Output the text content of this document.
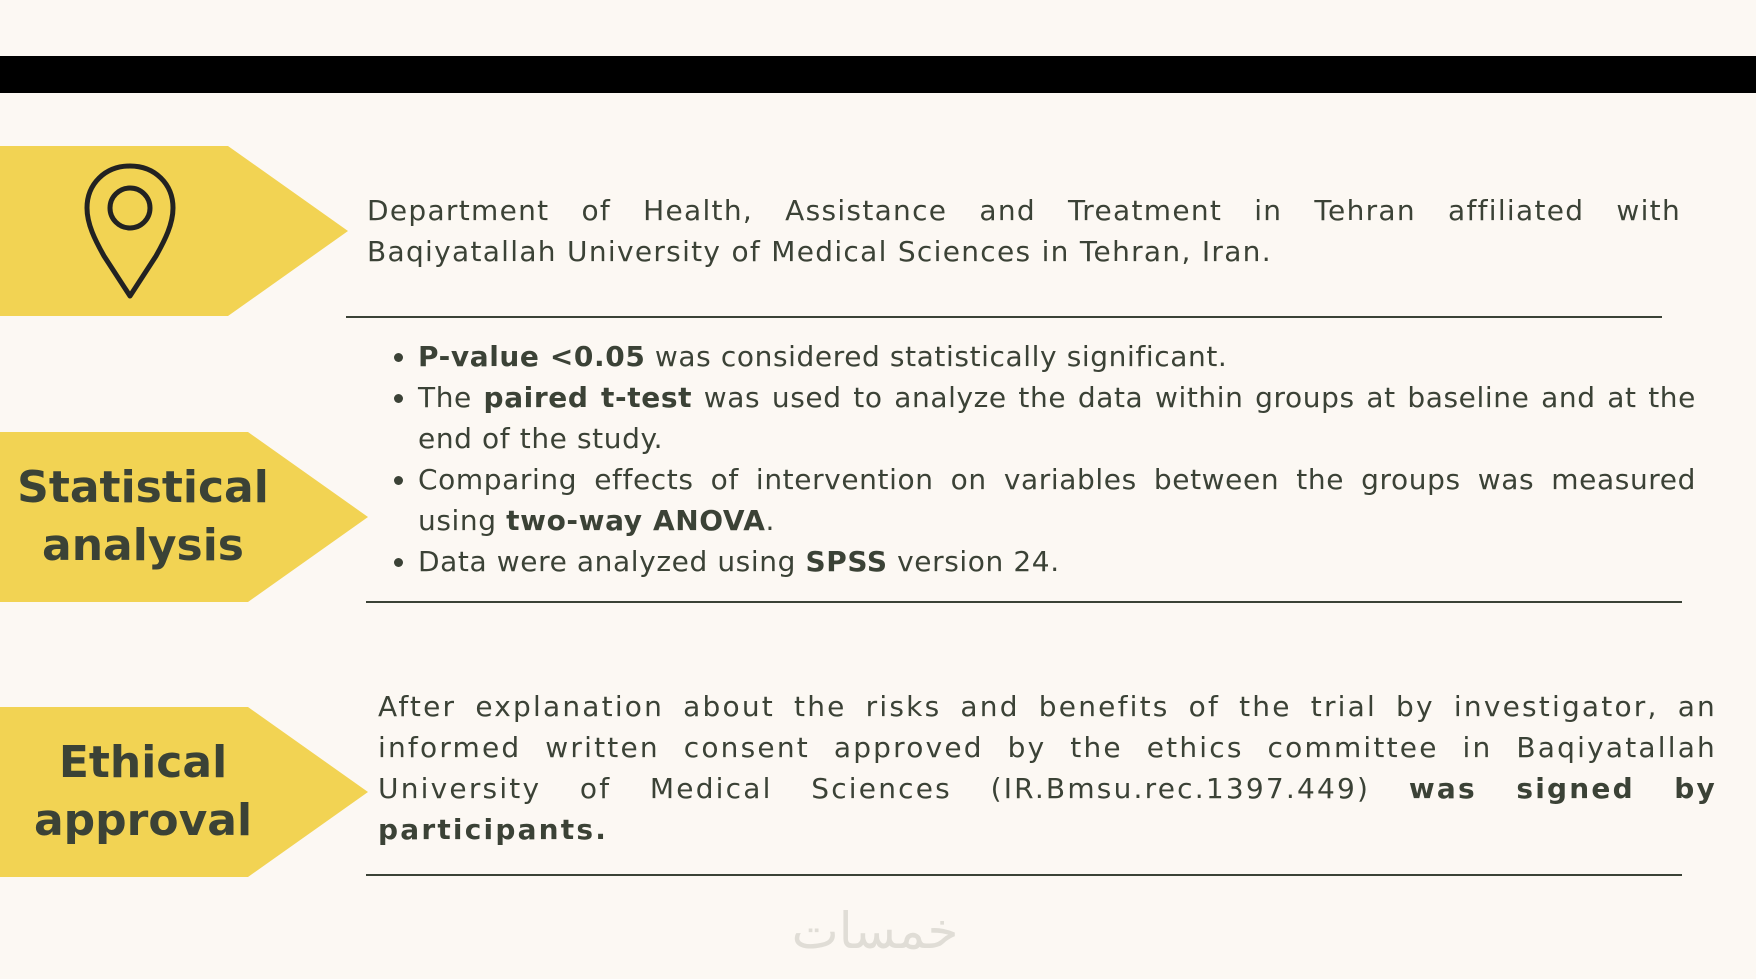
Department of Health, Assistance and Treatment in Tehran affiliated with Baqiyatallah University of Medical Sciences in Tehran, Iran.
Statistical
analysis
• P-value <0.05 was considered statistically significant.
• The paired t-test was used to analyze the data within groups at baseline and at the end of the study.
• Comparing effects of intervention on variables between the groups was measured using two-way ANOVA.
• Data were analyzed using SPSS version 24.
Ethical
approval
After explanation about the risks and benefits of the trial by investigator, an informed written consent approved by the ethics committee in Baqiyatallah University of Medical Sciences (IR.Bmsu.rec.1397.449) was signed by participants.
خمسات
